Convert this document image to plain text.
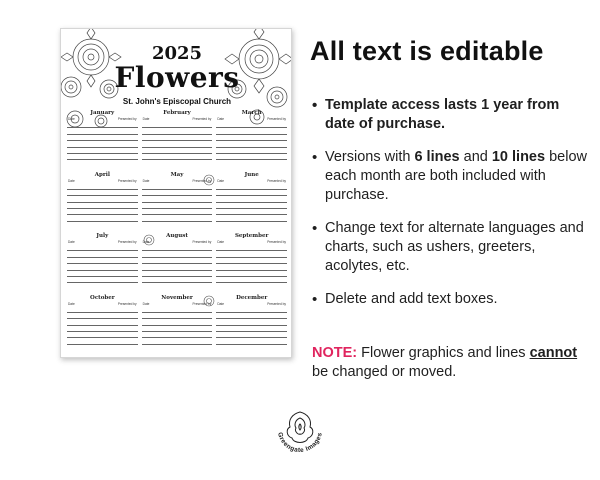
2025
Flowers
St. John's Episcopal Church
January
Date	Presented by
February
Date	Presented by
March
Date	Presented by
April
Date	Presented by
May
Date	Presented by
June
Date	Presented by
July
Date	Presented by
August
Date	Presented by
September
Date	Presented by
October
Date	Presented by
November
Date	Presented by
December
Date	Presented by
All text is editable
• Template access lasts 1 year from date of purchase.
• Versions with 6 lines and 10 lines below each month are both included with purchase.
• Change text for alternate languages and charts, such as ushers, greeters, acolytes, etc.
• Delete and add text boxes.

NOTE: Flower graphics and lines cannot be changed or moved.

Greengate Images
